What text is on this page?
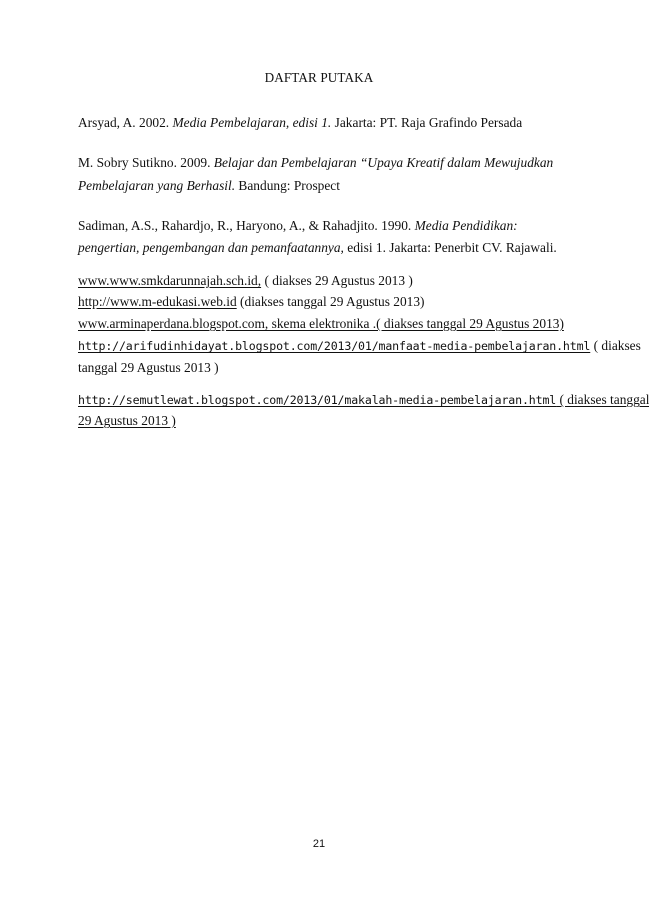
DAFTAR PUTAKA
Arsyad, A. 2002. Media Pembelajaran, edisi 1. Jakarta: PT. Raja Grafindo Persada
M. Sobry Sutikno. 2009. Belajar dan Pembelajaran “Upaya Kreatif dalam Mewujudkan
Pembelajaran yang Berhasil. Bandung: Prospect
Sadiman, A.S., Rahardjo, R., Haryono, A., & Rahadjito. 1990. Media Pendidikan:
pengertian, pengembangan dan pemanfaatannya, edisi 1. Jakarta: Penerbit CV. Rajawali.
www.www.smkdarunnajah.sch.id, ( diakses 29 Agustus 2013 )
http://www.m-edukasi.web.id (diakses tanggal 29 Agustus 2013)
www.arminaperdana.blogspot.com, skema elektronika .( diakses tanggal 29 Agustus 2013)
http://arifudinhidayat.blogspot.com/2013/01/manfaat-media-pembelajaran.html ( diakses
tanggal 29 Agustus 2013 )
http://semutlewat.blogspot.com/2013/01/makalah-media-pembelajaran.html ( diakses tanggal
29 Agustus 2013 )
21
